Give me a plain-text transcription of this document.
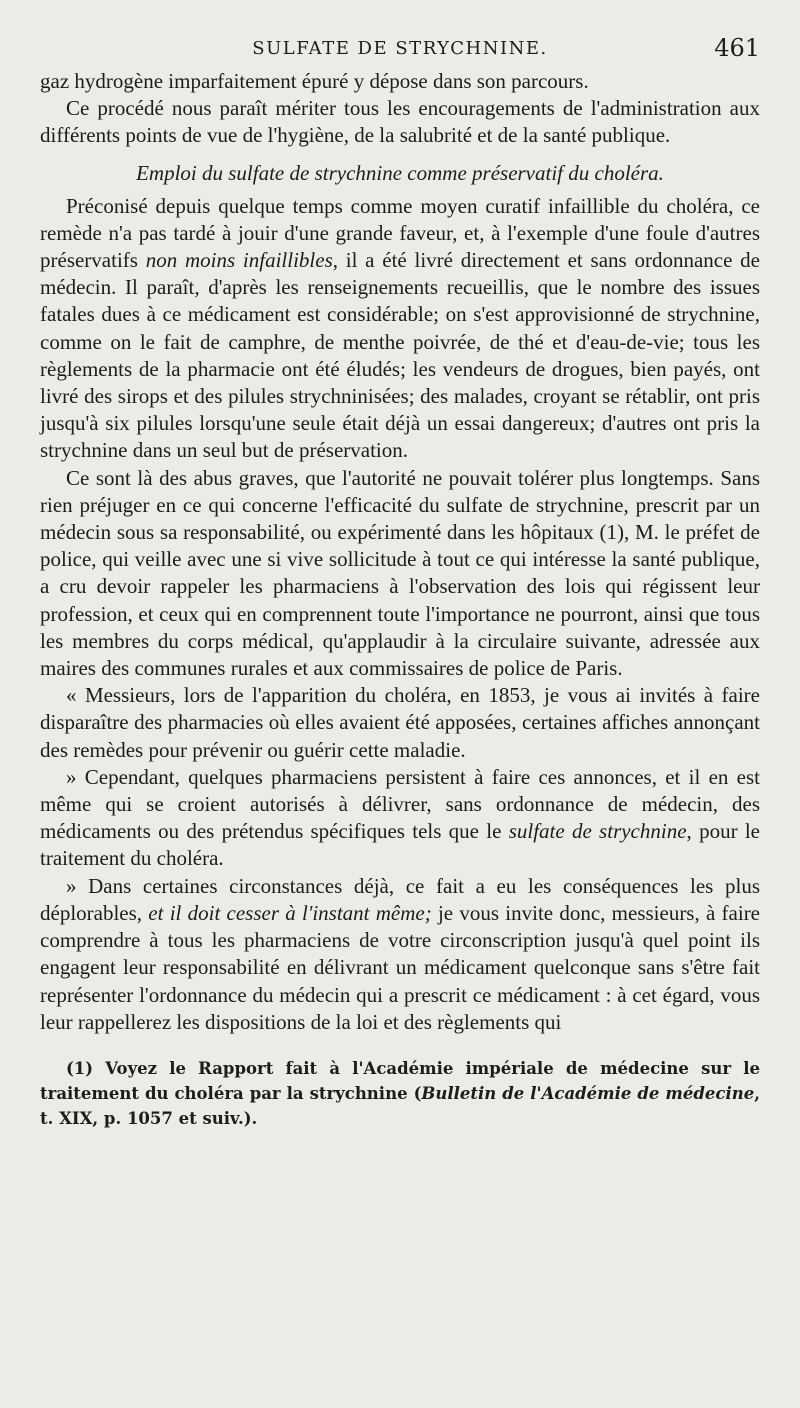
SULFATE DE STRYCHNINE.	461

gaz hydrogène imparfaitement épuré y dépose dans son parcours.

Ce procédé nous paraît mériter tous les encouragements de l'administration aux différents points de vue de l'hygiène, de la salubrité et de la santé publique.

Emploi du sulfate de strychnine comme préservatif du choléra.

Préconisé depuis quelque temps comme moyen curatif infaillible du choléra, ce remède n'a pas tardé à jouir d'une grande faveur, et, à l'exemple d'une foule d'autres préservatifs non moins infaillibles, il a été livré directement et sans ordonnance de médecin. Il paraît, d'après les renseignements recueillis, que le nombre des issues fatales dues à ce médicament est considérable; on s'est approvisionné de strychnine, comme on le fait de camphre, de menthe poivrée, de thé et d'eau-de-vie; tous les règlements de la pharmacie ont été éludés; les vendeurs de drogues, bien payés, ont livré des sirops et des pilules strychninisées; des malades, croyant se rétablir, ont pris jusqu'à six pilules lorsqu'une seule était déjà un essai dangereux; d'autres ont pris la strychnine dans un seul but de préservation.

Ce sont là des abus graves, que l'autorité ne pouvait tolérer plus longtemps. Sans rien préjuger en ce qui concerne l'efficacité du sulfate de strychnine, prescrit par un médecin sous sa responsabilité, ou expérimenté dans les hôpitaux (1), M. le préfet de police, qui veille avec une si vive sollicitude à tout ce qui intéresse la santé publique, a cru devoir rappeler les pharmaciens à l'observation des lois qui régissent leur profession, et ceux qui en comprennent toute l'importance ne pourront, ainsi que tous les membres du corps médical, qu'applaudir à la circulaire suivante, adressée aux maires des communes rurales et aux commissaires de police de Paris.

« Messieurs, lors de l'apparition du choléra, en 1853, je vous ai invités à faire disparaître des pharmacies où elles avaient été apposées, certaines affiches annonçant des remèdes pour prévenir ou guérir cette maladie.

» Cependant, quelques pharmaciens persistent à faire ces annonces, et il en est même qui se croient autorisés à délivrer, sans ordonnance de médecin, des médicaments ou des prétendus spécifiques tels que le sulfate de strychnine, pour le traitement du choléra.

» Dans certaines circonstances déjà, ce fait a eu les conséquences les plus déplorables, et il doit cesser à l'instant même; je vous invite donc, messieurs, à faire comprendre à tous les pharmaciens de votre circonscription jusqu'à quel point ils engagent leur responsabilité en délivrant un médicament quelconque sans s'être fait représenter l'ordonnance du médecin qui a prescrit ce médicament : à cet égard, vous leur rappellerez les dispositions de la loi et des règlements qui

(1) Voyez le Rapport fait à l'Académie impériale de médecine sur le traitement du choléra par la strychnine (Bulletin de l'Académie de médecine, t. XIX, p. 1057 et suiv.).
